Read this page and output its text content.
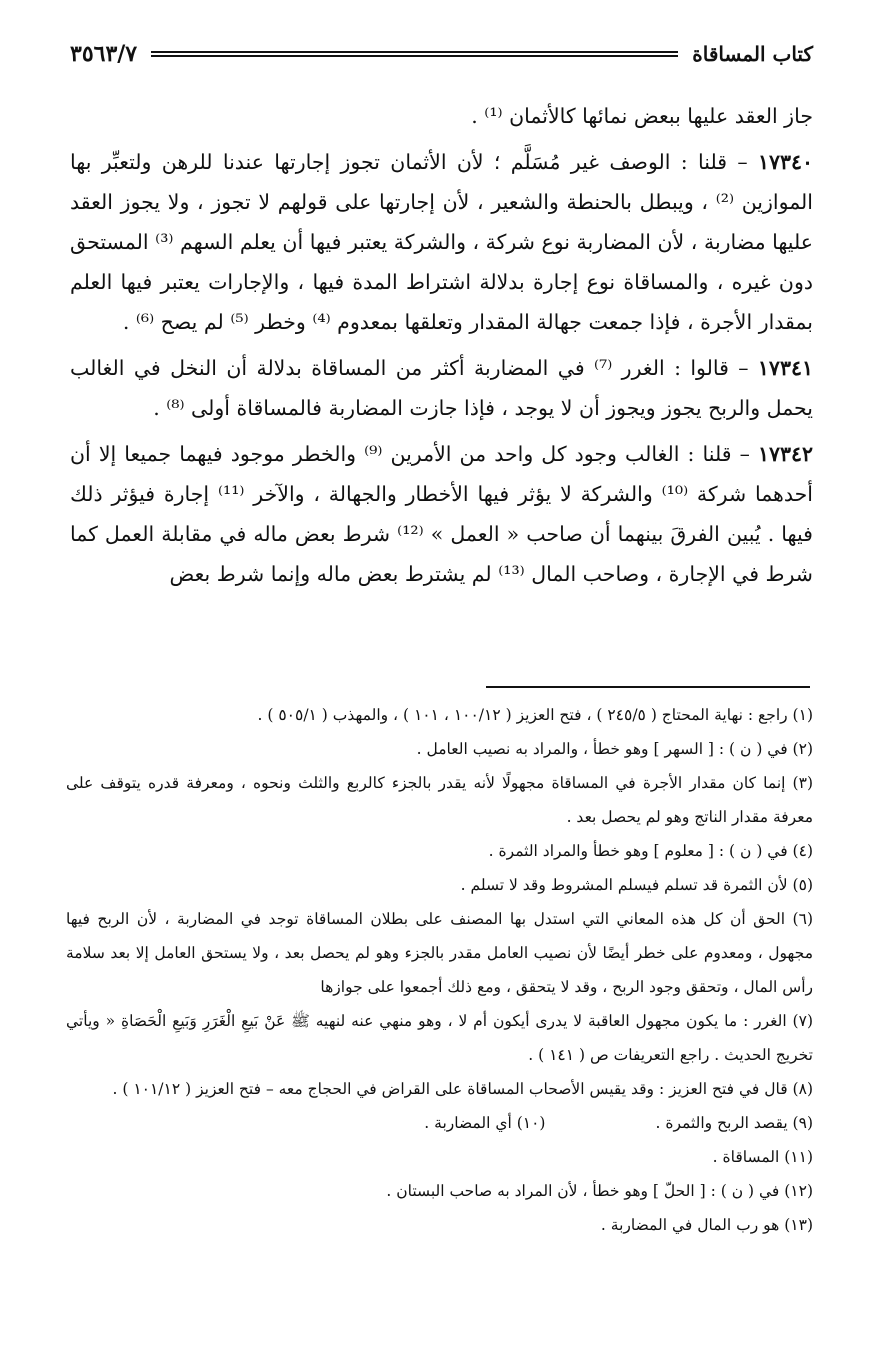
كتاب المساقاة
٣٥٦٣/٧

جاز العقد عليها ببعض نمائها كالأثمان ⁽¹⁾ .

١٧٣٤٠ – قلنا : الوصف غير مُسَلَّم ؛ لأن الأثمان تجوز إجارتها عندنا للرهن ولتعبِّر بها الموازين ⁽²⁾ ، ويبطل بالحنطة والشعير ، لأن إجارتها على قولهم لا تجوز ، ولا يجوز العقد عليها مضاربة ، لأن المضاربة نوع شركة ، والشركة يعتبر فيها أن يعلم السهم ⁽³⁾ المستحق دون غيره ، والمساقاة نوع إجارة بدلالة اشتراط المدة فيها ، والإجارات يعتبر فيها العلم بمقدار الأجرة ، فإذا جمعت جهالة المقدار وتعلقها بمعدوم ⁽⁴⁾ وخطر ⁽⁵⁾ لم يصح ⁽⁶⁾ .

١٧٣٤١ – قالوا : الغرر ⁽⁷⁾ في المضاربة أكثر من المساقاة بدلالة أن النخل في الغالب يحمل والربح يجوز ويجوز أن لا يوجد ، فإذا جازت المضاربة فالمساقاة أولى ⁽⁸⁾ .

١٧٣٤٢ – قلنا : الغالب وجود كل واحد من الأمرين ⁽⁹⁾ والخطر موجود فيهما جميعا إلا أن أحدهما شركة ⁽¹⁰⁾ والشركة لا يؤثر فيها الأخطار والجهالة ، والآخر ⁽¹¹⁾ إجارة فيؤثر ذلك فيها . يُبين الفرقَ بينهما أن صاحب « العمل » ⁽¹²⁾ شرط بعض ماله في مقابلة العمل كما شرط في الإجارة ، وصاحب المال ⁽¹³⁾ لم يشترط بعض ماله وإنما شرط بعض

(١) راجع : نهاية المحتاج ( ٢٤٥/٥ ) ، فتح العزيز ( ١٠٠/١٢ ، ١٠١ ) ، والمهذب ( ٥٠٥/١ ) .

(٢) في ( ن ) : [ السهر ] وهو خطأ ، والمراد به نصيب العامل .

(٣) إنما كان مقدار الأجرة في المساقاة مجهولًا لأنه يقدر بالجزء كالربع والثلث ونحوه ، ومعرفة قدره يتوقف على معرفة مقدار الناتج وهو لم يحصل بعد .

(٤) في ( ن ) : [ معلوم ] وهو خطأ والمراد الثمرة .

(٥) لأن الثمرة قد تسلم فيسلم المشروط وقد لا تسلم .

(٦) الحق أن كل هذه المعاني التي استدل بها المصنف على بطلان المساقاة توجد في المضاربة ، لأن الربح فيها مجهول ، ومعدوم على خطر أيضًا لأن نصيب العامل مقدر بالجزء وهو لم يحصل بعد ، ولا يستحق العامل إلا بعد سلامة رأس المال ، وتحقق وجود الربح ، وقد لا يتحقق ، ومع ذلك أجمعوا على جوازها

(٧) الغرر : ما يكون مجهول العاقبة لا يدرى أيكون أم لا ، وهو منهي عنه لنهيه ﷺ عَنْ بَيعِ الْغَرَرِ وَبَيعِ الْحَصَاةِ « ويأتي تخريج الحديث . راجع التعريفات ص ( ١٤١ ) .

(٨) قال في فتح العزيز : وقد يقيس الأصحاب المساقاة على القراض في الحجاج معه – فتح العزيز ( ١٠١/١٢ ) .

(٩) يقصد الربح والثمرة .

(١٠) أي المضاربة .

(١١) المساقاة .

(١٢) في ( ن ) : [ الحلّ ] وهو خطأ ، لأن المراد به صاحب البستان .

(١٣) هو رب المال في المضاربة .
